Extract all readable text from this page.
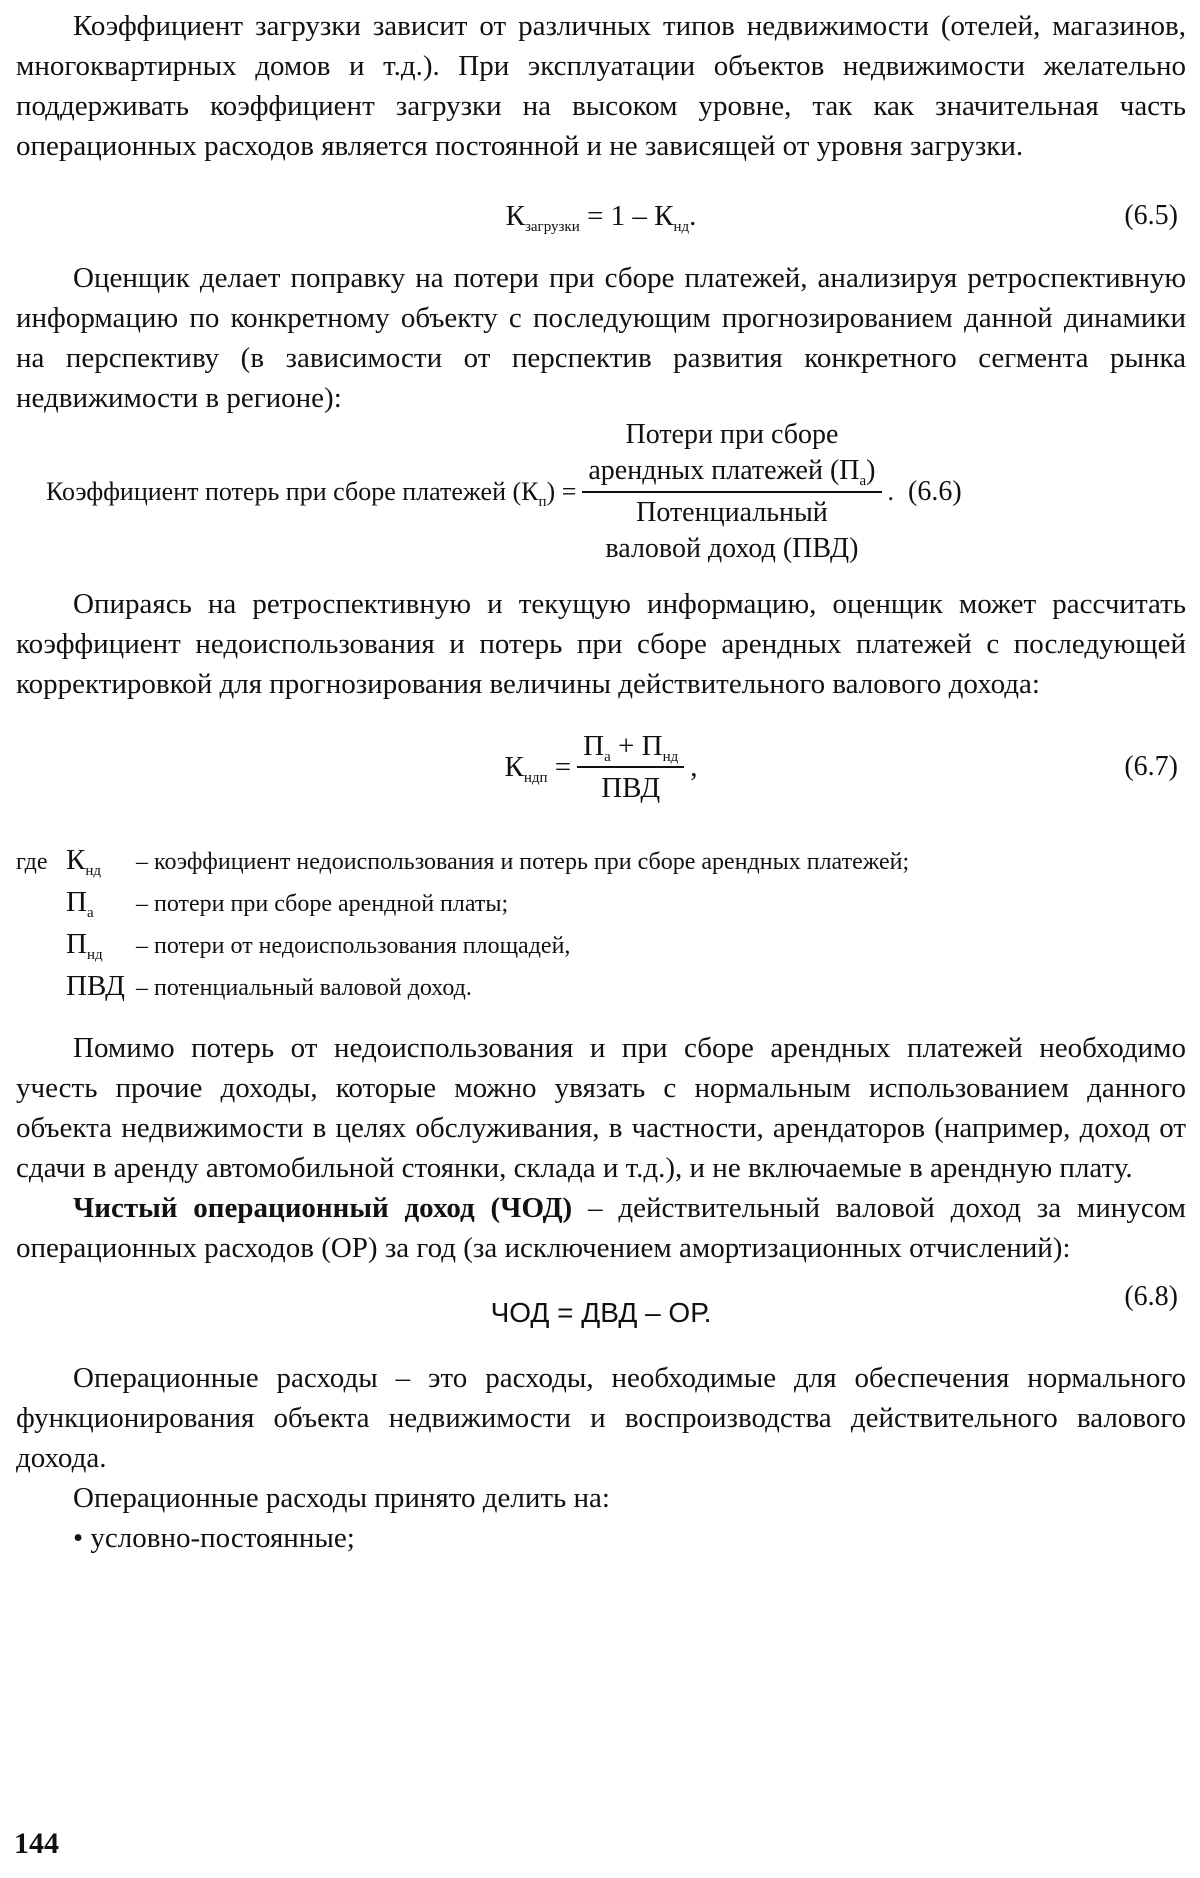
Коэффициент загрузки зависит от различных типов недвижимости (отелей, магазинов, многоквартирных домов и т.д.). При эксплуатации объектов недвижимости желательно поддерживать коэффициент загрузки на высоком уровне, так как значительная часть операционных расходов является постоянной и не зависящей от уровня загрузки.

$К_{загрузки} = 1 - К_{нд}$.	(6.5)

Оценщик делает поправку на потери при сборе платежей, анализируя ретроспективную информацию по конкретному объекту с последующим прогнозированием данной динамики на перспективу (в зависимости от перспектив развития конкретного сегмента рынка недвижимости в регионе):

Коэффициент потерь при сборе платежей $(К_п)$ =
Потери при сборе
арендных платежей $(П_а)$
Потенциальный
валовой доход (ПВД)
. (6.6)

Опираясь на ретроспективную и текущую информацию, оценщик может рассчитать коэффициент недоиспользования и потерь при сборе арендных платежей с последующей корректировкой для прогнозирования величины действительного валового дохода:

$К_{ндп} = \frac{П_а + П_{нд}}{\text{ПВД}}$ ,	(6.7)
где $К_{нд}$	– коэффициент недоиспользования и потерь при сборе арендных платежей;
$П_а$	– потери при сборе арендной платы;
$П_{нд}$	– потери от недоиспользования площадей,
ПВД – потенциальный валовой доход.

Помимо потерь от недоиспользования и при сборе арендных платежей необходимо учесть прочие доходы, которые можно увязать с нормальным использованием данного объекта недвижимости в целях обслуживания, в частности, арендаторов (например, доход от сдачи в аренду автомобильной стоянки, склада и т.д.), и не включаемые в арендную плату.

Чистый операционный доход (ЧОД) – действительный валовой доход за минусом операционных расходов (ОР) за год (за исключением амортизационных отчислений):

ЧОД = ДВД – ОР.
(6.8)

Операционные расходы – это расходы, необходимые для обеспечения нормального функционирования объекта недвижимости и воспроизводства действительного валового дохода.

Операционные расходы принято делить на:

• условно-постоянные;

144
